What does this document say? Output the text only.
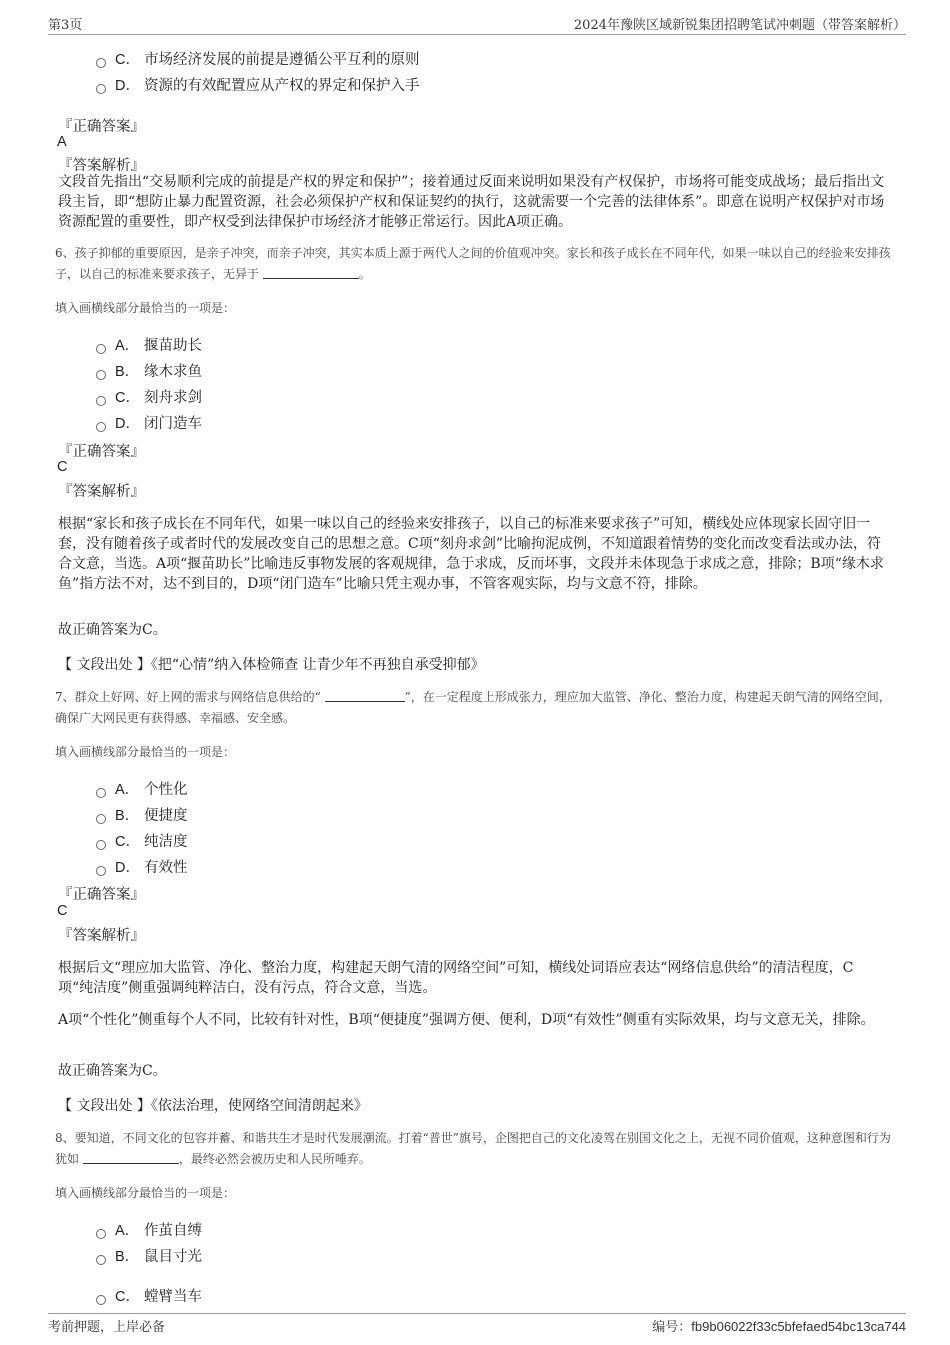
第3页	2024年豫陕区域新锐集团招聘笔试冲刺题（带答案解析）
C． 市场经济发展的前提是遵循公平互利的原则
D． 资源的有效配置应从产权的界定和保护入手
『正确答案』
A
『答案解析』
文段首先指出“交易顺利完成的前提是产权的界定和保护”；接着通过反面来说明如果没有产权保护，市场将可能变成战场；最后指出文段主旨，即“想防止暴力配置资源，社会必须保护产权和保证契约的执行，这就需要一个完善的法律体系”。即意在说明产权保护对市场资源配置的重要性，即产权受到法律保护市场经济才能够正常运行。因此A项正确。
6、孩子抑郁的重要原因，是亲子冲突，而亲子冲突，其实本质上源于两代人之间的价值观冲突。家长和孩子成长在不同年代，如果一味以自己的经验来安排孩子，以自己的标准来要求孩子，无异于	。
填入画横线部分最恰当的一项是：
A． 揠苗助长
B． 缘木求鱼
C． 刻舟求剑
D． 闭门造车
『正确答案』
C
『答案解析』
根据“家长和孩子成长在不同年代，如果一味以自己的经验来安排孩子，以自己的标准来要求孩子”可知，横线处应体现家长固守旧一套，没有随着孩子或者时代的发展改变自己的思想之意。C项“刻舟求剑”比喻拘泥成例，不知道跟着情势的变化而改变看法或办法，符合文意，当选。A项“揠苗助长”比喻违反事物发展的客观规律，急于求成，反而坏事，文段并未体现急于求成之意，排除；B项“缘木求鱼”指方法不对，达不到目的，D项“闭门造车”比喻只凭主观办事，不管客观实际，均与文意不符，排除。
故正确答案为C。
【 文段出处 】《把“心情”纳入体检筛查 让青少年不再独自承受抑郁》
7、群众上好网、好上网的需求与网络信息供给的“	”，在一定程度上形成张力，理应加大监管、净化、整治力度，构建起天朗气清的网络空间，确保广大网民更有获得感、幸福感、安全感。
填入画横线部分最恰当的一项是：
A． 个性化
B． 便捷度
C． 纯洁度
D． 有效性
『正确答案』
C
『答案解析』
根据后文“理应加大监管、净化、整治力度，构建起天朗气清的网络空间”可知，横线处词语应表达“网络信息供给”的清洁程度，C项“纯洁度”侧重强调纯粹洁白，没有污点，符合文意，当选。
A项“个性化”侧重每个人不同，比较有针对性，B项“便捷度”强调方便、便利，D项“有效性”侧重有实际效果，均与文意无关，排除。
故正确答案为C。
【 文段出处 】《依法治理，使网络空间清朗起来》
8、要知道，不同文化的包容并蓄、和谐共生才是时代发展潮流。打着“普世”旗号，企图把自己的文化凌驾在别国文化之上，无视不同价值观，这种意图和行为犹如	，最终必然会被历史和人民所唾弃。
填入画横线部分最恰当的一项是：
A． 作茧自缚
B． 鼠目寸光
C． 螳臂当车
考前押题，上岸必备	编号：fb9b06022f33c5bfefaed54bc13ca744
